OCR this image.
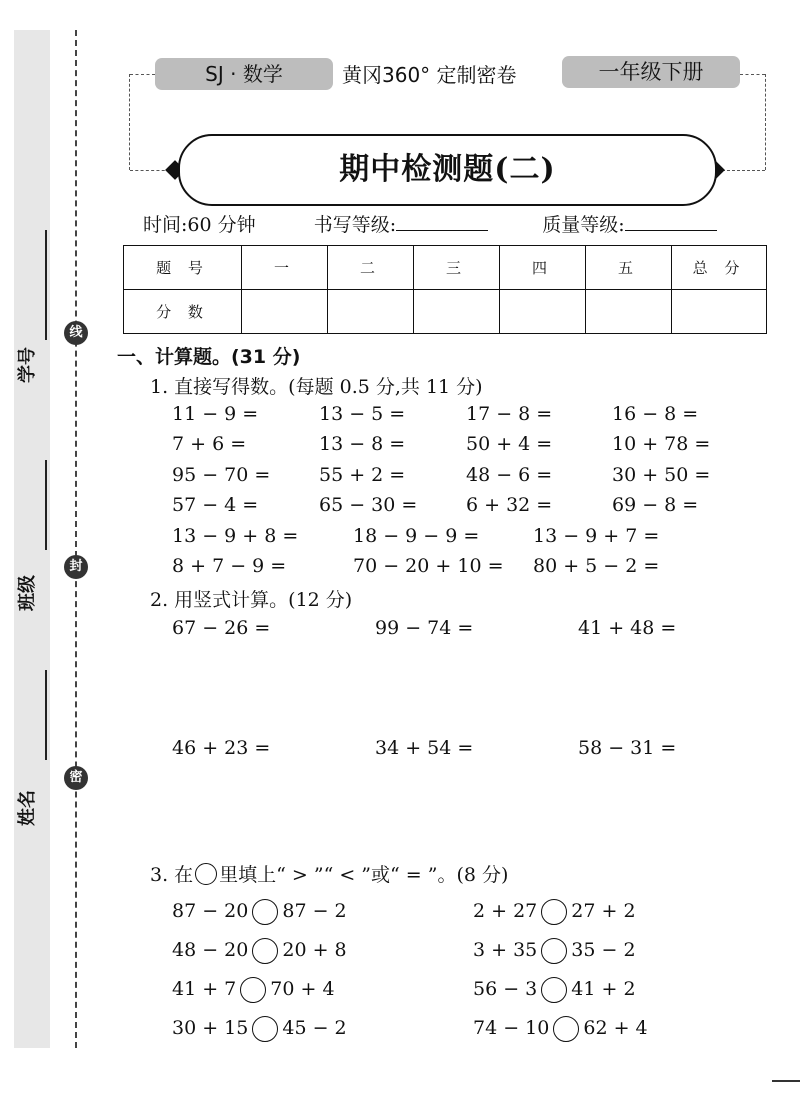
学号
班级
姓名
线
封
密
SJ · 数学	黄冈360° 定制密卷	一年级下册
期中检测题(二)
时间:60 分钟	书写等级:	质量等级:
题 号	一	二	三	四	五	总 分
分 数						
一、计算题。(31 分)
1. 直接写得数。(每题 0.5 分,共 11 分)
11 − 9 =	13 − 5 =	17 − 8 =	16 − 8 =
7 + 6 =	13 − 8 =	50 + 4 =	10 + 78 =
95 − 70 =	55 + 2 =	48 − 6 =	30 + 50 =
57 − 4 =	65 − 30 =	6 + 32 =	69 − 8 =
13 − 9 + 8 =	18 − 9 − 9 =	13 − 9 + 7 =
8 + 7 − 9 =	70 − 20 + 10 = 80 + 5 − 2 =
2. 用竖式计算。(12 分)
67 − 26 =	99 − 74 =	41 + 48 =
46 + 23 =	34 + 54 =	58 − 31 =
3. 在 里填上“ > ”“ < ”或“ = ”。(8 分)
87 − 20 87 − 2	2 + 27 27 + 2
48 − 20 20 + 8	3 + 35 35 − 2
41 + 7 70 + 4	56 − 3 41 + 2
30 + 15 45 − 2	74 − 10 62 + 4
